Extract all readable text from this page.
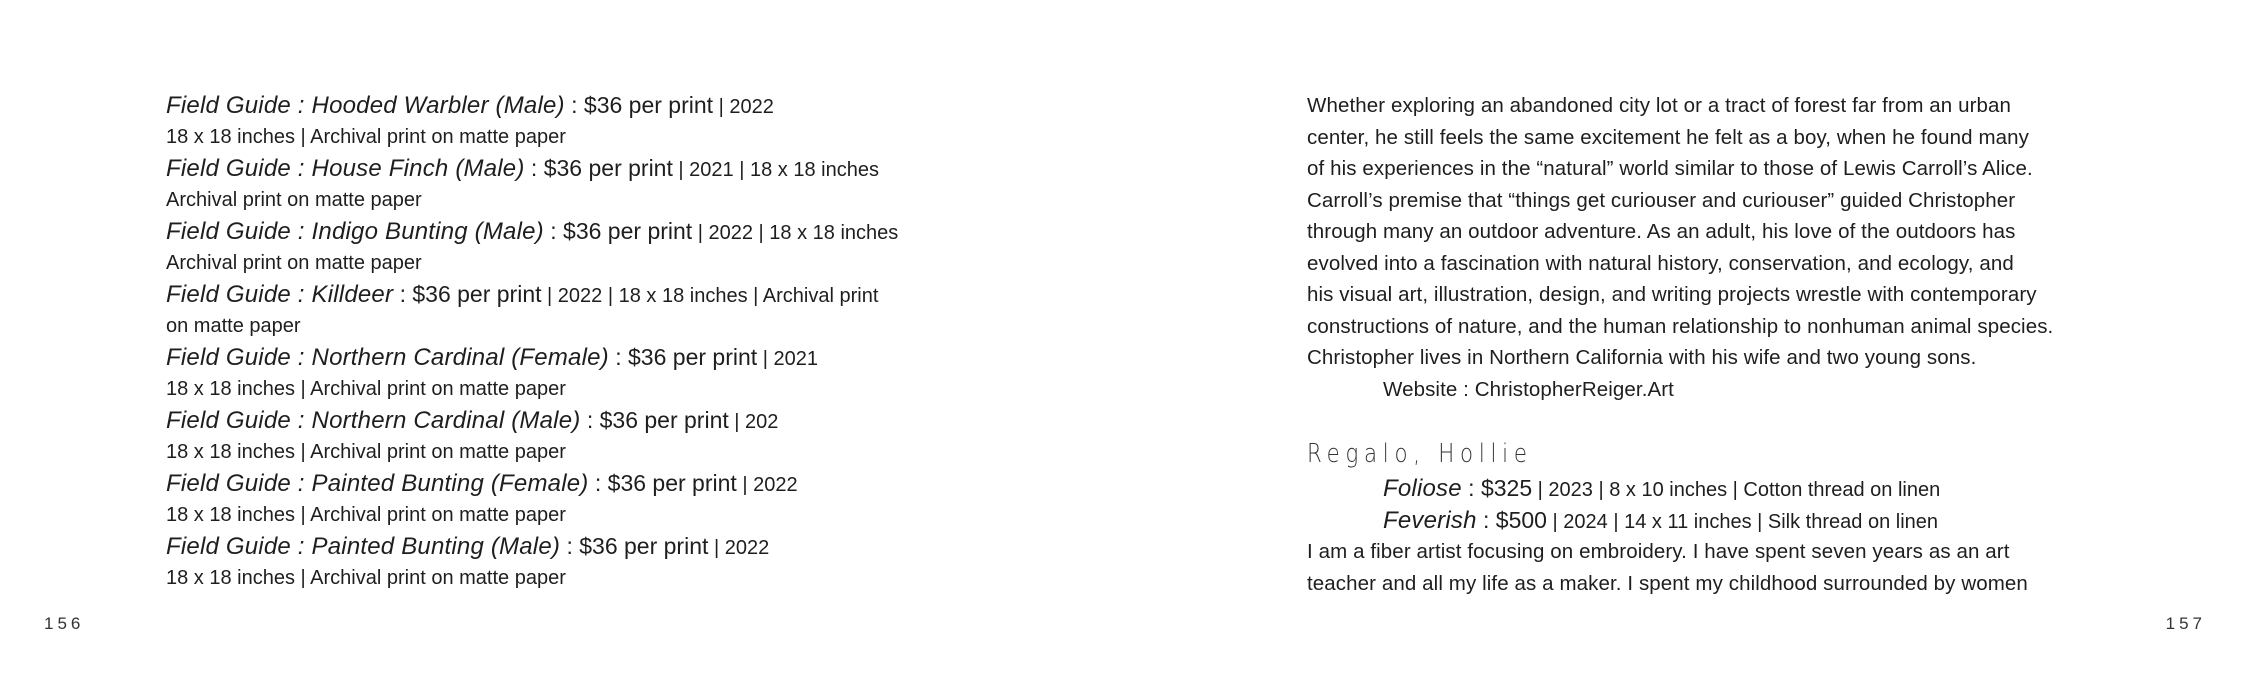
Field Guide : Hooded Warbler (Male) : $36 per print | 2022
18 x 18 inches | Archival print on matte paper
Field Guide : House Finch (Male) : $36 per print | 2021 | 18 x 18 inches
Archival print on matte paper
Field Guide : Indigo Bunting (Male) : $36 per print | 2022 | 18 x 18 inches
Archival print on matte paper
Field Guide : Killdeer : $36 per print | 2022 | 18 x 18 inches | Archival print
on matte paper
Field Guide : Northern Cardinal (Female) : $36 per print | 2021
18 x 18 inches | Archival print on matte paper
Field Guide : Northern Cardinal (Male) : $36 per print | 202
18 x 18 inches | Archival print on matte paper
Field Guide : Painted Bunting (Female) : $36 per print | 2022
18 x 18 inches | Archival print on matte paper
Field Guide : Painted Bunting (Male) : $36 per print | 2022
18 x 18 inches | Archival print on matte paper
156
Whether exploring an abandoned city lot or a tract of forest far from an urban
center, he still feels the same excitement he felt as a boy, when he found many
of his experiences in the “natural” world similar to those of Lewis Carroll’s Alice.
Carroll’s premise that “things get curiouser and curiouser” guided Christopher
through many an outdoor adventure. As an adult, his love of the outdoors has
evolved into a fascination with natural history, conservation, and ecology, and
his visual art, illustration, design, and writing projects wrestle with contemporary
constructions of nature, and the human relationship to nonhuman animal species.
Christopher lives in Northern California with his wife and two young sons.
Website : ChristopherReiger.Art
Regalo, Hollie
Foliose : $325 | 2023 | 8 x 10 inches | Cotton thread on linen
Feverish : $500 | 2024 | 14 x 11 inches | Silk thread on linen
I am a fiber artist focusing on embroidery. I have spent seven years as an art
teacher and all my life as a maker. I spent my childhood surrounded by women
157
